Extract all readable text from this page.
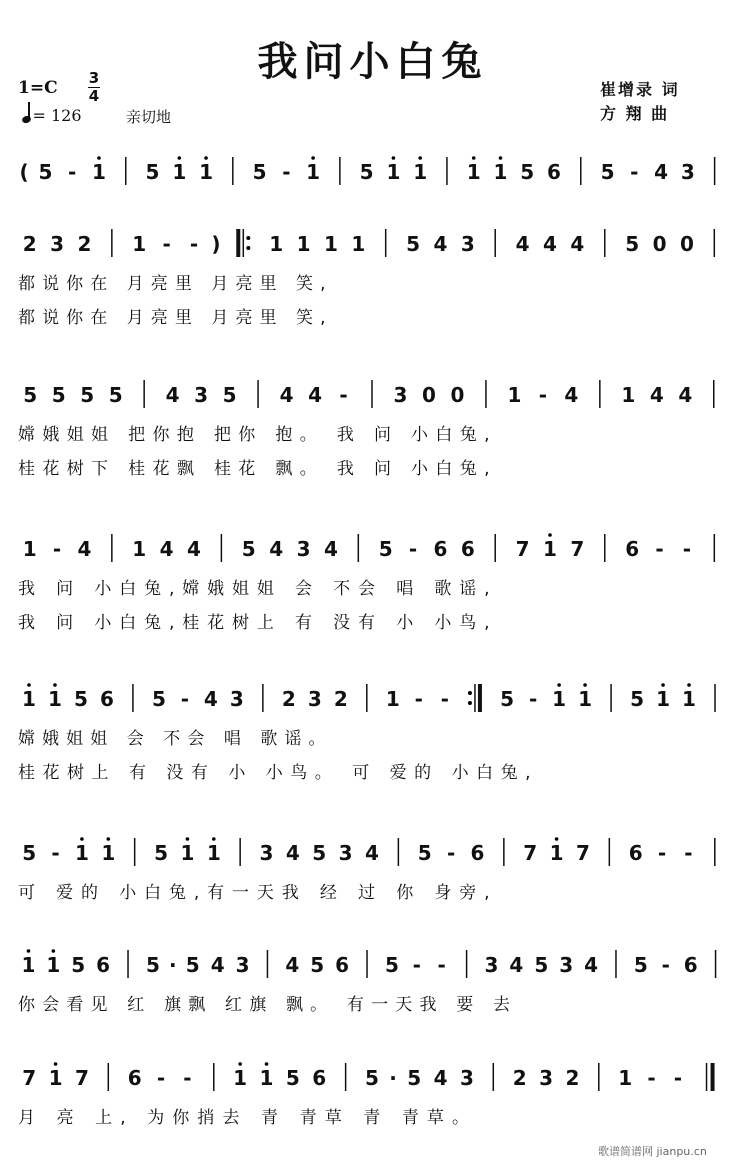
我问小白兔
1=C 3
4
= 126	亲切地
崔增录 词
方 翔 曲
( 5 - 1 5 1 1 5 - 1 5 1 1 1 1 5 6 5 - 4 3
2 3 2 1 - - ) 1 1 1 1 5 4 3 4 4 4 5 0 0
都说你在 月亮里 月亮里 笑,
都说你在 月亮里 月亮里 笑,
5 5 5 5 4 3 5 4 4 - 3 0 0 1 - 4 1 4 4
嫦娥姐姐 把你抱 把你 抱。 我 问 小白兔,
桂花树下 桂花飘 桂花 飘。 我 问 小白兔,
1 - 4 1 4 4 5 4 3 4 5 - 6 6 7 1 7 6 - -
我 问 小白兔,嫦娥姐姐 会 不会 唱 歌谣,
我 问 小白兔,桂花树上 有 没有 小 小鸟,
1 1 5 6 5 - 4 3 2 3 2 1 - -	5 - 1 1 5 1 1
嫦娥姐姐 会 不会 唱 歌谣。
桂花树上 有 没有 小 小鸟。 可 爱的 小白兔,
5 - 1 1 5 1 1 3 4 5 3 4 5 - 6 7 1 7 6 - -
可 爱的 小白兔,有一天我 经 过 你 身旁,
1 1 5 6 5 · 5 4 3 4 5 6 5 - - 3 4 5 3 4 5 - 6
你会看见 红 旗飘 红旗 飘。 有一天我 要 去
7 1 7 6 - - 1 1 5 6 5 · 5 4 3 2 3 2 1 - -
月 亮 上, 为你捎去 青 青草 青 青草。
歌谱简谱网 jianpu.cn
